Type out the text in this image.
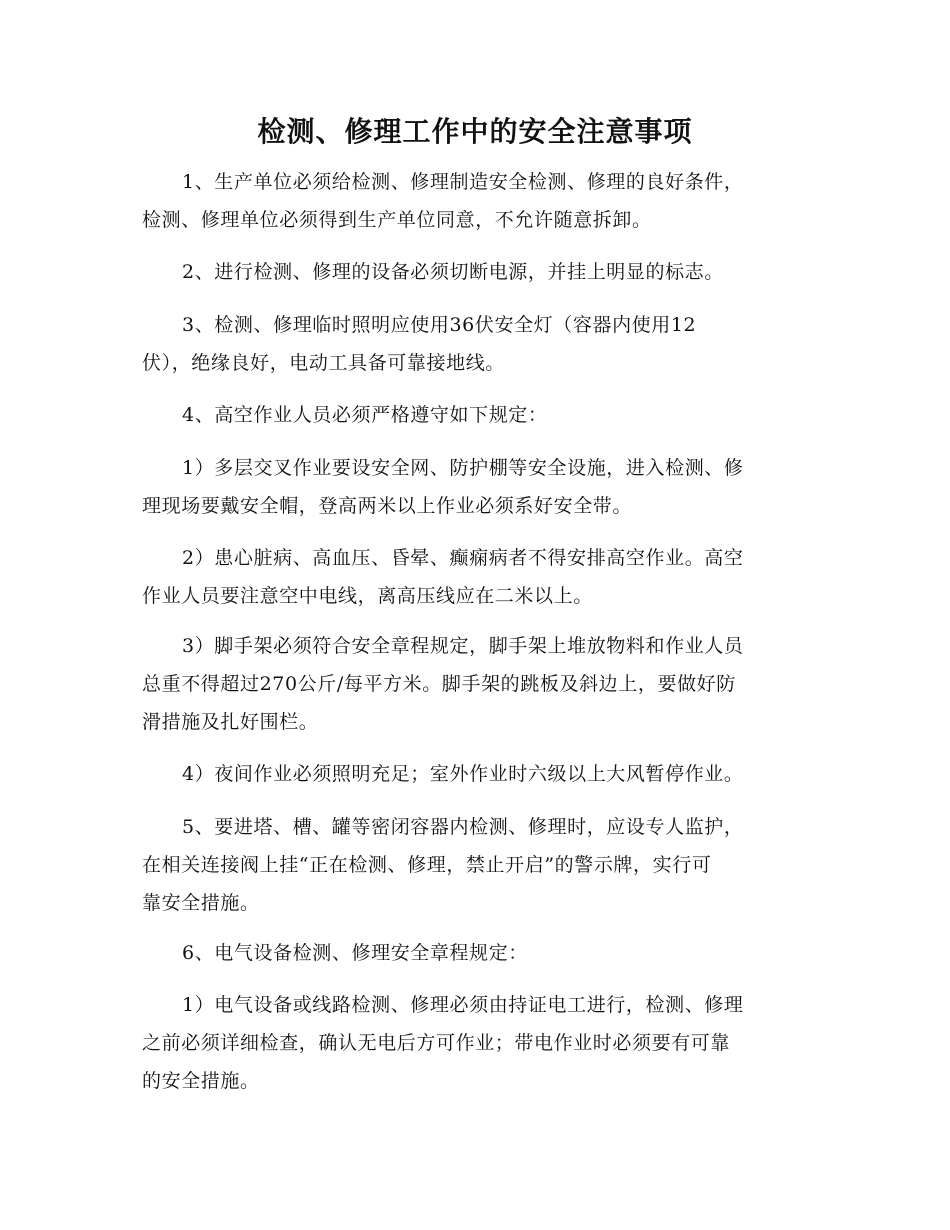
检测、修理工作中的安全注意事项
1、生产单位必须给检测、修理制造安全检测、修理的良好条件，
检测、修理单位必须得到生产单位同意，不允许随意拆卸。
2、进行检测、修理的设备必须切断电源，并挂上明显的标志。
3、检测、修理临时照明应使用36伏安全灯（容器内使用12
伏），绝缘良好，电动工具备可靠接地线。
4、高空作业人员必须严格遵守如下规定：
1）多层交叉作业要设安全网、防护棚等安全设施，进入检测、修
理现场要戴安全帽，登高两米以上作业必须系好安全带。
2）患心脏病、高血压、昏晕、癫痫病者不得安排高空作业。高空
作业人员要注意空中电线，离高压线应在二米以上。
3）脚手架必须符合安全章程规定，脚手架上堆放物料和作业人员
总重不得超过270公斤/每平方米。脚手架的跳板及斜边上，要做好防
滑措施及扎好围栏。
4）夜间作业必须照明充足；室外作业时六级以上大风暂停作业。
5、要进塔、槽、罐等密闭容器内检测、修理时，应设专人监护，
在相关连接阀上挂“正在检测、修理，禁止开启”的警示牌，实行可
靠安全措施。
6、电气设备检测、修理安全章程规定：
1）电气设备或线路检测、修理必须由持证电工进行，检测、修理
之前必须详细检查，确认无电后方可作业；带电作业时必须要有可靠
的安全措施。
